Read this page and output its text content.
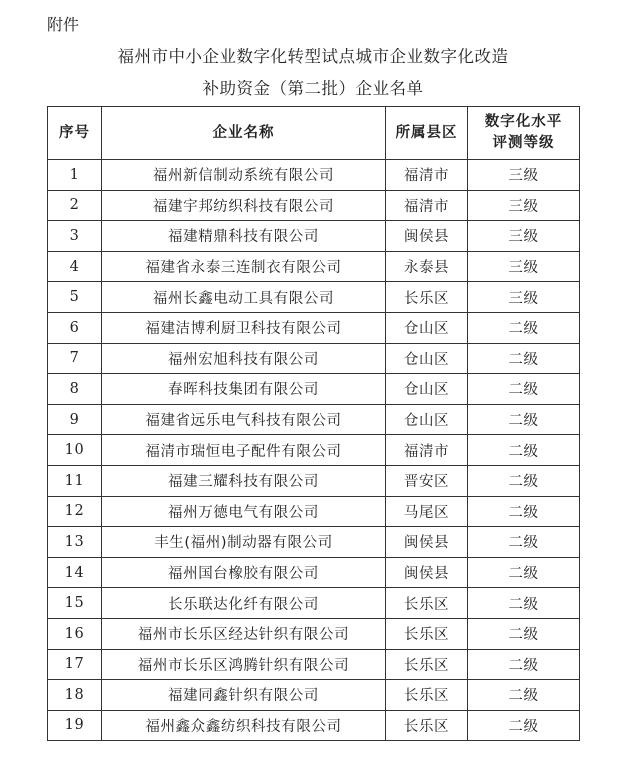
附件
福州市中小企业数字化转型试点城市企业数字化改造
补助资金（第二批）企业名单
序号	企业名称	所属县区	数字化水平
评测等级

1	福州新信制动系统有限公司	福清市	三级
2	福建宇邦纺织科技有限公司	福清市	三级
3	福建精鼎科技有限公司	闽侯县	三级
4	福建省永泰三连制衣有限公司	永泰县	三级
5	福州长鑫电动工具有限公司	长乐区	三级
6	福建洁博利厨卫科技有限公司	仓山区	二级
7	福州宏旭科技有限公司	仓山区	二级
8	春晖科技集团有限公司	仓山区	二级
9	福建省远乐电气科技有限公司	仓山区	二级
10	福清市瑞恒电子配件有限公司	福清市	二级
11	福建三耀科技有限公司	晋安区	二级
12	福州万德电气有限公司	马尾区	二级
13	丰生(福州)制动器有限公司	闽侯县	二级
14	福州国台橡胶有限公司	闽侯县	二级
15	长乐联达化纤有限公司	长乐区	二级
16	福州市长乐区经达针织有限公司	长乐区	二级
17	福州市长乐区鸿腾针织有限公司	长乐区	二级
18	福建同鑫针织有限公司	长乐区	二级
19	福州鑫众鑫纺织科技有限公司	长乐区	二级
